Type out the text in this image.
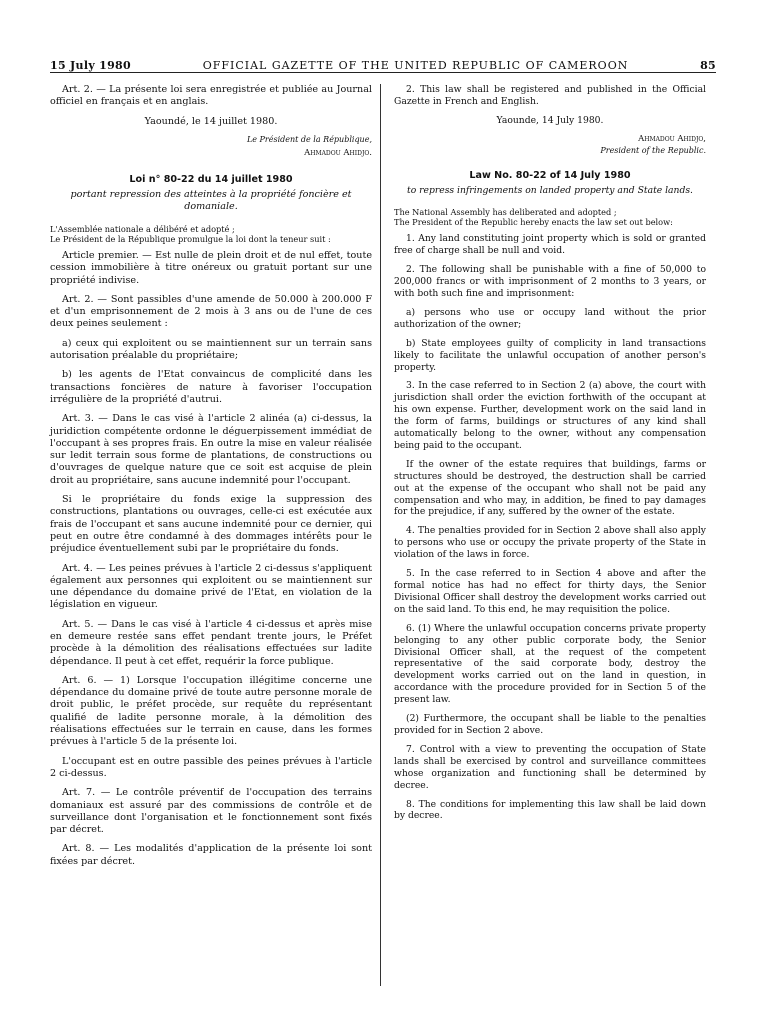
15 July 1980	OFFICIAL GAZETTE OF THE UNITED REPUBLIC OF CAMEROON	85

Art. 2. — La présente loi sera enregistrée et publiée au Journal officiel en français et en anglais.

Yaoundé, le 14 juillet 1980.

Le Président de la République,

Ahmadou Ahidjo.

Loi n° 80-22 du 14 juillet 1980

portant repression des atteintes à la propriété foncière et domaniale.

L'Assemblée nationale a délibéré et adopté ;

Le Président de la République promulgue la loi dont la teneur suit :

Article premier. — Est nulle de plein droit et de nul effet, toute cession immobilière à titre onéreux ou gratuit portant sur une propriété indivise.

Art. 2. — Sont passibles d'une amende de 50.000 à 200.000 F et d'un emprisonnement de 2 mois à 3 ans ou de l'une de ces deux peines seulement :

a) ceux qui exploitent ou se maintiennent sur un terrain sans autorisation préalable du propriétaire;

b) les agents de l'Etat convaincus de complicité dans les transactions foncières de nature à favoriser l'occupation irrégulière de la propriété d'autrui.

Art. 3. — Dans le cas visé à l'article 2 alinéa (a) ci-dessus, la juridiction compétente ordonne le déguerpissement immédiat de l'occupant à ses propres frais. En outre la mise en valeur réalisée sur ledit terrain sous forme de plantations, de constructions ou d'ouvrages de quelque nature que ce soit est acquise de plein droit au propriétaire, sans aucune indemnité pour l'occupant.

Si le propriétaire du fonds exige la suppression des constructions, plantations ou ouvrages, celle-ci est exécutée aux frais de l'occupant et sans aucune indemnité pour ce dernier, qui peut en outre être condamné à des dommages intérêts pour le préjudice éventuellement subi par le propriétaire du fonds.

Art. 4. — Les peines prévues à l'article 2 ci-dessus s'appliquent également aux personnes qui exploitent ou se maintiennent sur une dépendance du domaine privé de l'Etat, en violation de la législation en vigueur.

Art. 5. — Dans le cas visé à l'article 4 ci-dessus et après mise en demeure restée sans effet pendant trente jours, le Préfet procède à la démolition des réalisations effectuées sur ladite dépendance. Il peut à cet effet, requérir la force publique.

Art. 6. — 1) Lorsque l'occupation illégitime concerne une dépendance du domaine privé de toute autre personne morale de droit public, le préfet procède, sur requête du représentant qualifié de ladite personne morale, à la démolition des réalisations effectuées sur le terrain en cause, dans les formes prévues à l'article 5 de la présente loi.

L'occupant est en outre passible des peines prévues à l'article 2 ci-dessus.

Art. 7. — Le contrôle préventif de l'occupation des terrains domaniaux est assuré par des commissions de contrôle et de surveillance dont l'organisation et le fonctionnement sont fixés par décret.

Art. 8. — Les modalités d'application de la présente loi sont fixées par décret.

2. This law shall be registered and published in the Official Gazette in French and English.

Yaounde, 14 July 1980.

Ahmadou Ahidjo,

President of the Republic.

Law No. 80-22 of 14 July 1980

to repress infringements on landed property and State lands.

The National Assembly has deliberated and adopted ;

The President of the Republic hereby enacts the law set out below:

1. Any land constituting joint property which is sold or granted free of charge shall be null and void.

2. The following shall be punishable with a fine of 50,000 to 200,000 francs or with imprisonment of 2 months to 3 years, or with both such fine and imprisonment:

a) persons who use or occupy land without the prior authorization of the owner;

b) State employees guilty of complicity in land transactions likely to facilitate the unlawful occupation of another person's property.

3. In the case referred to in Section 2 (a) above, the court with jurisdiction shall order the eviction forthwith of the occupant at his own expense. Further, development work on the said land in the form of farms, buildings or structures of any kind shall automatically belong to the owner, without any compensation being paid to the occupant.

If the owner of the estate requires that buildings, farms or structures should be destroyed, the destruction shall be carried out at the expense of the occupant who shall not be paid any compensation and who may, in addition, be fined to pay damages for the prejudice, if any, suffered by the owner of the estate.

4. The penalties provided for in Section 2 above shall also apply to persons who use or occupy the private property of the State in violation of the laws in force.

5. In the case referred to in Section 4 above and after the formal notice has had no effect for thirty days, the Senior Divisional Officer shall destroy the development works carried out on the said land. To this end, he may requisition the police.

6. (1) Where the unlawful occupation concerns private property belonging to any other public corporate body, the Senior Divisional Officer shall, at the request of the competent representative of the said corporate body, destroy the development works carried out on the land in question, in accordance with the procedure provided for in Section 5 of the present law.

(2) Furthermore, the occupant shall be liable to the penalties provided for in Section 2 above.

7. Control with a view to preventing the occupation of State lands shall be exercised by control and surveillance committees whose organization and functioning shall be determined by decree.

8. The conditions for implementing this law shall be laid down by decree.
